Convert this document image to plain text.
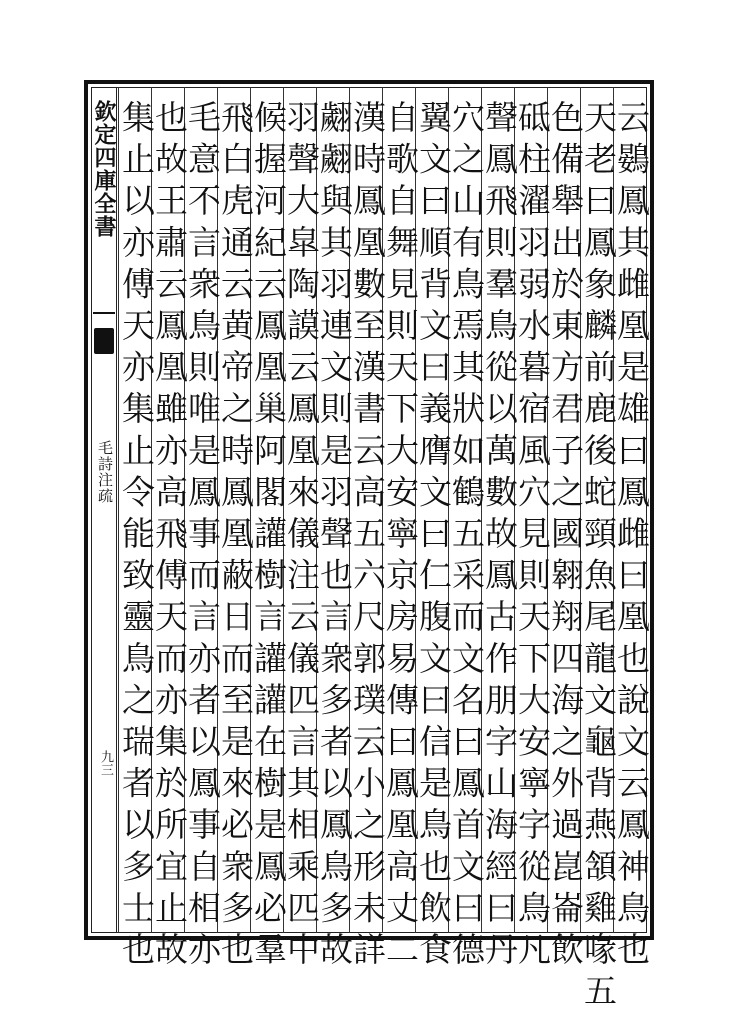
欽定四庫全書
毛詩注疏
九三	云鷃鳳其雌凰是雄曰鳳雌曰凰也說文云鳳神鳥也
天老曰鳳象麟前鹿後蛇頸魚尾龍文龜背燕頷雞喙五
色備舉出於東方君子之國翱翔四海之外過崑崙飲
砥柱濯羽弱水暮宿風穴見則天下大安寧字從鳥凡
聲鳳飛則羣鳥從以萬數故鳳古作朋字山海經曰丹
穴之山有鳥焉其狀如鶴五采而文名曰鳳首文曰德
翼文曰順背文曰義膺文曰仁腹文曰信是鳥也飲食
自歌自舞見則天下大安寧京房易傳曰鳳凰高丈二
漢時鳳凰數至漢書云高五六尺郭璞云小之形未詳
翽翽與其羽連文則是羽聲也言衆多者以鳳鳥多故
羽聲大皐陶謨云鳳凰來儀注云儀匹言其相乘匹中
候握河紀云鳳凰巢阿閣讙樹言讙讙在樹是鳳必羣
飛白虎通云黄帝之時鳳凰蔽日而至是來必衆多也
毛意不言衆鳥則唯是鳳事而言亦者以鳳事自相亦
也故王肅云鳳凰雖亦高飛傅天而亦集於所宜止故
集止以亦傅天亦集止令能致靈鳥之瑞者以多士也
